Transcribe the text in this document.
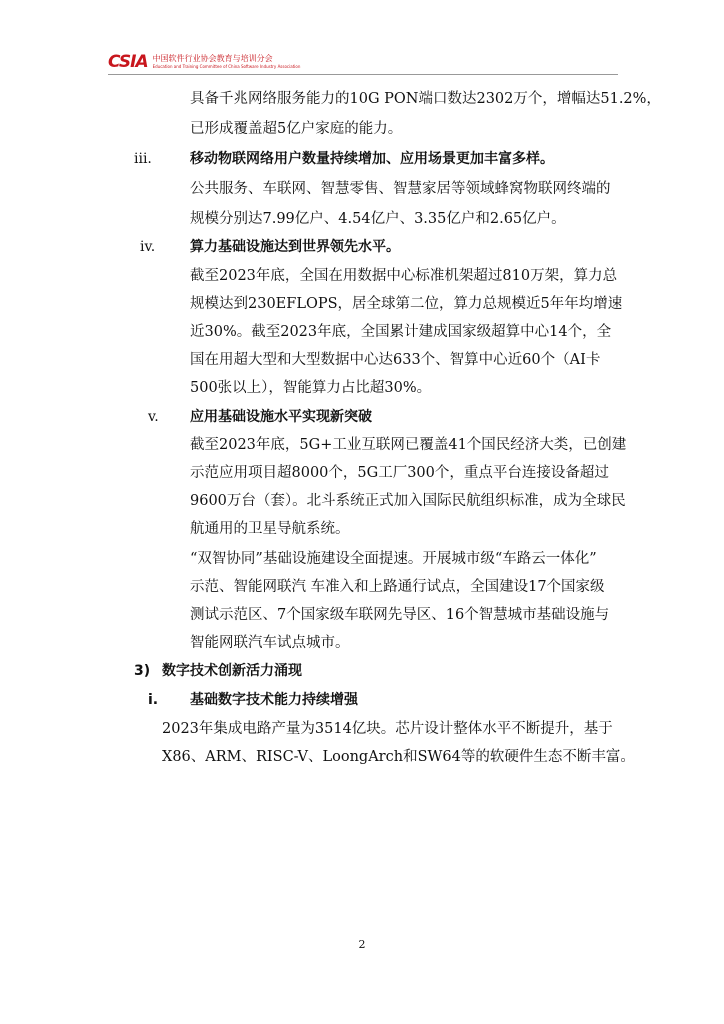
CSIA 中国软件行业协会教育与培训分会
Education and Training Committee of China Software Industry Association
具备千兆网络服务能力的10G PON端口数达2302万个，增幅达51.2%，
已形成覆盖超5亿户家庭的能力。
iii.	移动物联网络用户数量持续增加、应用场景更加丰富多样。
公共服务、车联网、智慧零售、智慧家居等领域蜂窝物联网终端的
规模分别达7.99亿户、4.54亿户、3.35亿户和2.65亿户。
iv. 算力基础设施达到世界领先水平。
截至2023年底，全国在用数据中心标准机架超过810万架，算力总
规模达到230EFLOPS，居全球第二位，算力总规模近5年年均增速
近30%。截至2023年底，全国累计建成国家级超算中心14个，全
国在用超大型和大型数据中心达633个、智算中心近60个（AI卡
500张以上），智能算力占比超30%。
v. 应用基础设施水平实现新突破
截至2023年底，5G+工业互联网已覆盖41个国民经济大类，已创建
示范应用项目超8000个，5G工厂300个，重点平台连接设备超过
9600万台（套）。北斗系统正式加入国际民航组织标准，成为全球民
航通用的卫星导航系统。
“双智协同”基础设施建设全面提速。开展城市级“车路云一体化”
示范、智能网联汽 车准入和上路通行试点，全国建设17个国家级
测试示范区、7个国家级车联网先导区、16个智慧城市基础设施与
智能网联汽车试点城市。
3) 数字技术创新活力涌现
i. 基础数字技术能力持续增强
2023年集成电路产量为3514亿块。芯片设计整体水平不断提升，基于
X86、ARM、RISC-V、LoongArch和SW64等的软硬件生态不断丰富。
2
